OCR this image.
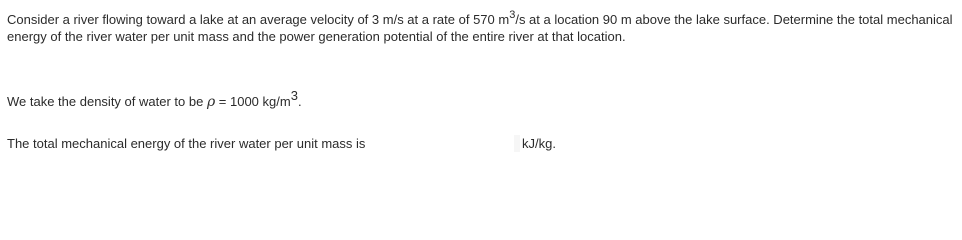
Consider a river flowing toward a lake at an average velocity of 3 m/s at a rate of 570 $m^3/s$ at a location 90 m above the lake surface. Determine the total mechanical energy of the river water per unit mass and the power generation potential of the entire river at that location.
We take the density of water to be ρ = 1000 kg/m3.
The total mechanical energy of the river water per unit mass is	kJ/kg.
